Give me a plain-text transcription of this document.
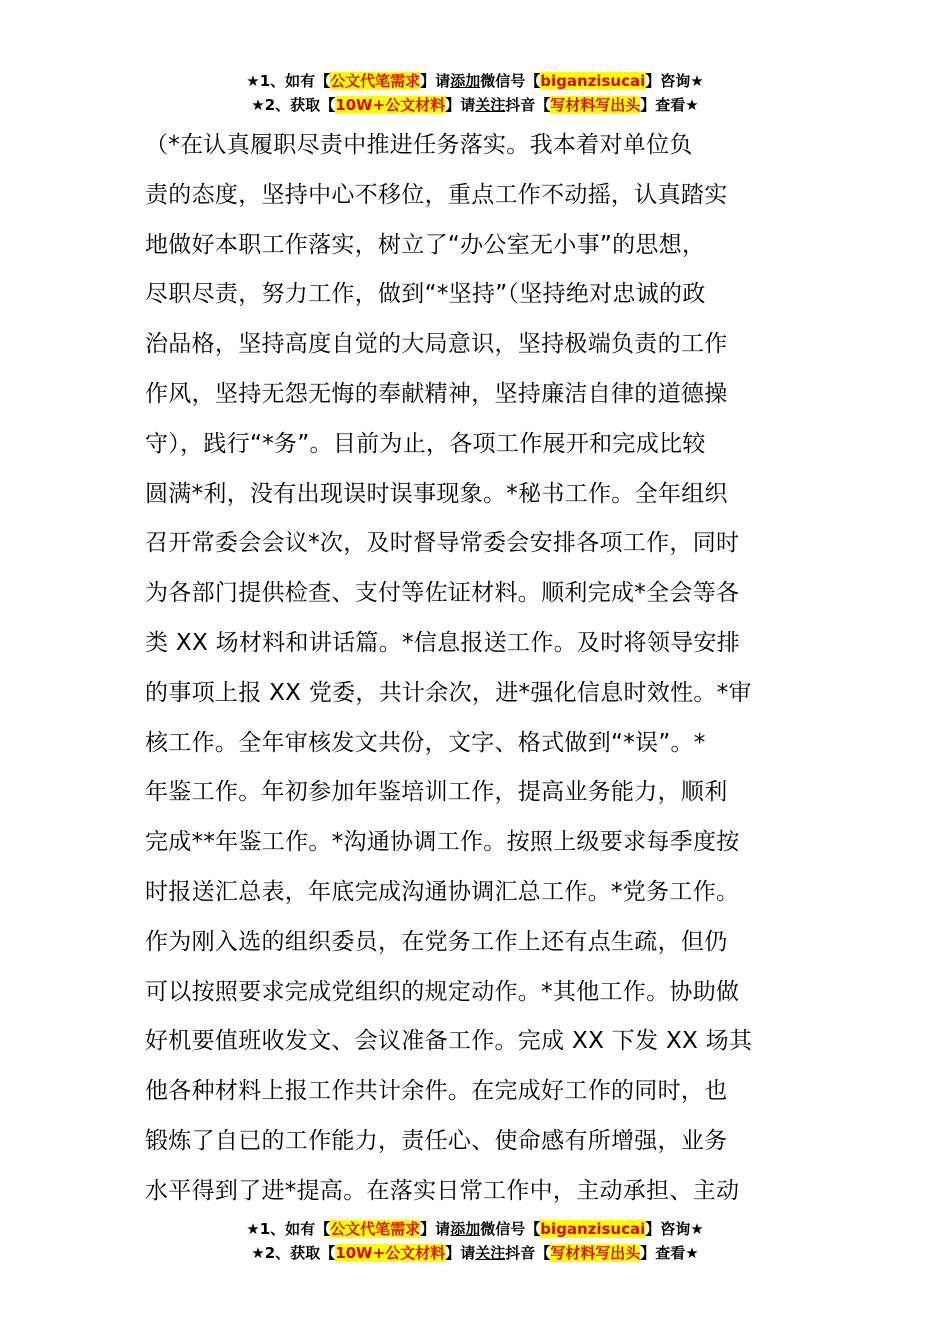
★1、如有【公文代笔需求】请添加微信号【biganzisucai】咨询★
★2、获取【10W+公文材料】请关注抖音【写材料写出头】查看★
（*在认真履职尽责中推进任务落实。我本着对单位负
责的态度，坚持中心不移位，重点工作不动摇，认真踏实
地做好本职工作落实，树立了“办公室无小事”的思想，
尽职尽责，努力工作，做到“*坚持”（坚持绝对忠诚的政
治品格，坚持高度自觉的大局意识，坚持极端负责的工作
作风，坚持无怨无悔的奉献精神，坚持廉洁自律的道德操
守），践行“*务”。目前为止，各项工作展开和完成比较
圆满*利，没有出现误时误事现象。*秘书工作。全年组织
召开常委会会议*次，及时督导常委会安排各项工作，同时
为各部门提供检查、支付等佐证材料。顺利完成*全会等各
类 XX 场材料和讲话篇。*信息报送工作。及时将领导安排
的事项上报 XX 党委，共计余次，进*强化信息时效性。*审
核工作。全年审核发文共份，文字、格式做到“*误”。*
年鉴工作。年初参加年鉴培训工作，提高业务能力，顺利
完成**年鉴工作。*沟通协调工作。按照上级要求每季度按
时报送汇总表，年底完成沟通协调汇总工作。*党务工作。
作为刚入选的组织委员，在党务工作上还有点生疏，但仍
可以按照要求完成党组织的规定动作。*其他工作。协助做
好机要值班收发文、会议准备工作。完成 XX 下发 XX 场其
他各种材料上报工作共计余件。在完成好工作的同时，也
锻炼了自已的工作能力，责任心、使命感有所增强，业务
水平得到了进*提高。在落实日常工作中，主动承担、主动
★1、如有【公文代笔需求】请添加微信号【biganzisucai】咨询★
★2、获取【10W+公文材料】请关注抖音【写材料写出头】查看★
